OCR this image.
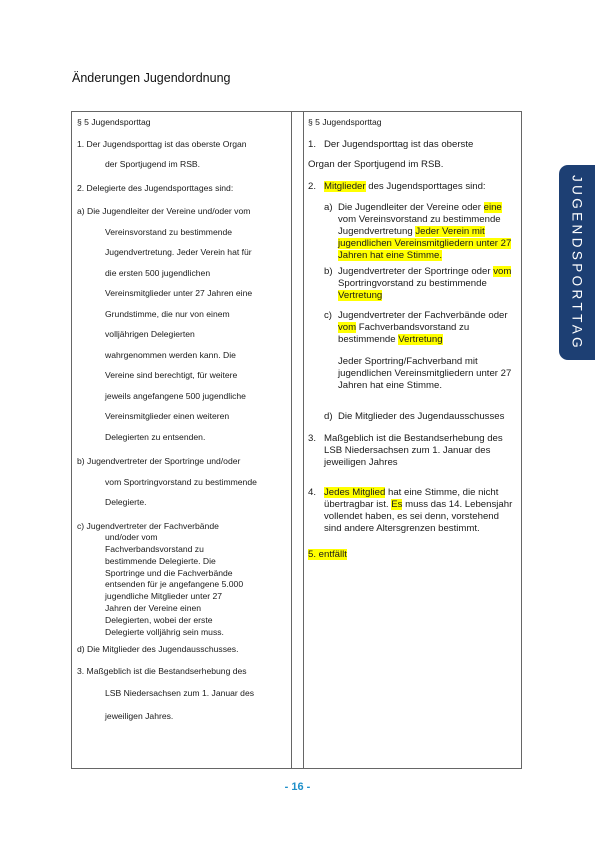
Änderungen Jugendordnung

§ 5 Jugendsporttag

1. Der Jugendsporttag ist das oberste Organ

der Sportjugend im RSB.

2. Delegierte des Jugendsporttages sind:

a) Die Jugendleiter der Vereine und/oder vom

Vereinsvorstand zu bestimmende

Jugendvertretung. Jeder Verein hat für

die ersten 500 jugendlichen

Vereinsmitglieder unter 27 Jahren eine

Grundstimme, die nur von einem

volljährigen Delegierten

wahrgenommen werden kann. Die

Vereine sind berechtigt, für weitere

jeweils angefangene 500 jugendliche

Vereinsmitglieder einen weiteren

Delegierten zu entsenden.

b) Jugendvertreter der Sportringe und/oder

vom Sportringvorstand zu bestimmende

Delegierte.

c) Jugendvertreter der Fachverbände

und/oder vom

Fachverbandsvorstand zu

bestimmende Delegierte. Die

Sportringe und die Fachverbände

entsenden für je angefangene 5.000

jugendliche Mitglieder unter 27

Jahren der Vereine einen

Delegierten, wobei der erste

Delegierte volljährig sein muss.

d) Die Mitglieder des Jugendausschusses.

3. Maßgeblich ist die Bestandserhebung des

LSB Niedersachsen zum 1. Januar des

jeweiligen Jahres.

§ 5 Jugendsporttag

1. Der Jugendsporttag ist das oberste

Organ der Sportjugend im RSB.

2. Mitglieder des Jugendsporttages sind:
a) Die Jugendleiter der Vereine oder eine vom Vereinsvorstand zu bestimmende Jugendvertretung Jeder Verein mit jugendlichen Vereinsmitgliedern unter 27 Jahren hat eine Stimme.
b) Jugendvertreter der Sportringe oder vom Sportringvorstand zu bestimmende Vertretung
c) Jugendvertreter der Fachverbände oder vom Fachverbandsvorstand zu bestimmende Vertretung

Jeder Sportring/Fachverband mit jugendlichen Vereinsmitgliedern unter 27 Jahren hat eine Stimme.

d) Die Mitglieder des Jugendausschusses
3. Maßgeblich ist die Bestandserhebung des LSB Niedersachsen zum 1. Januar des jeweiligen Jahres
4. Jedes Mitglied hat eine Stimme, die nicht übertragbar ist. Es muss das 14. Lebensjahr vollendet haben, es sei denn, vorstehend sind andere Altersgrenzen bestimmt.

5. entfällt

JUGENDSPORTTAG
- 16 -
